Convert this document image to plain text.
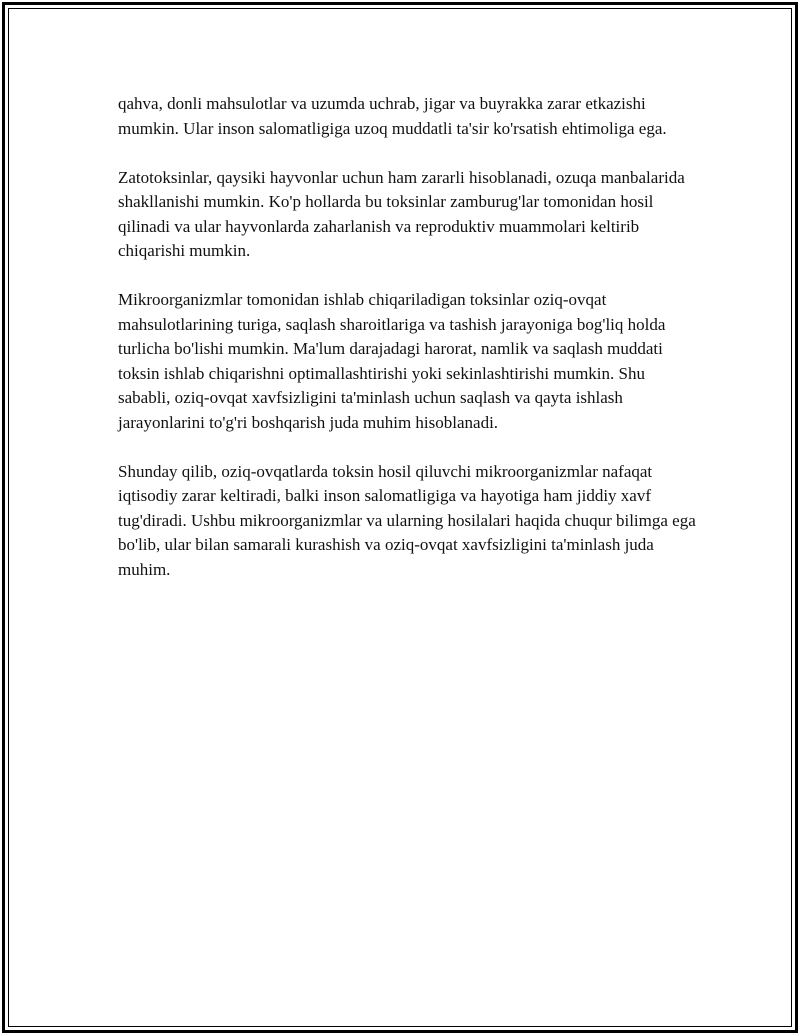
qahva, donli mahsulotlar va uzumda uchrab, jigar va buyrakka zarar etkazishi mumkin. Ular inson salomatligiga uzoq muddatli ta'sir ko'rsatish ehtimoliga ega.

Zatotoksinlar, qaysiki hayvonlar uchun ham zararli hisoblanadi, ozuqa manbalarida shakllanishi mumkin. Ko'p hollarda bu toksinlar zamburug'lar tomonidan hosil qilinadi va ular hayvonlarda zaharlanish va reproduktiv muammolari keltirib chiqarishi mumkin.

Mikroorganizmlar tomonidan ishlab chiqariladigan toksinlar oziq-ovqat mahsulotlarining turiga, saqlash sharoitlariga va tashish jarayoniga bog'liq holda turlicha bo'lishi mumkin. Ma'lum darajadagi harorat, namlik va saqlash muddati toksin ishlab chiqarishni optimallashtirishi yoki sekinlashtirishi mumkin. Shu sababli, oziq-ovqat xavfsizligini ta'minlash uchun saqlash va qayta ishlash jarayonlarini to'g'ri boshqarish juda muhim hisoblanadi.

Shunday qilib, oziq-ovqatlarda toksin hosil qiluvchi mikroorganizmlar nafaqat iqtisodiy zarar keltiradi, balki inson salomatligiga va hayotiga ham jiddiy xavf tug'diradi. Ushbu mikroorganizmlar va ularning hosilalari haqida chuqur bilimga ega bo'lib, ular bilan samarali kurashish va oziq-ovqat xavfsizligini ta'minlash juda muhim.
